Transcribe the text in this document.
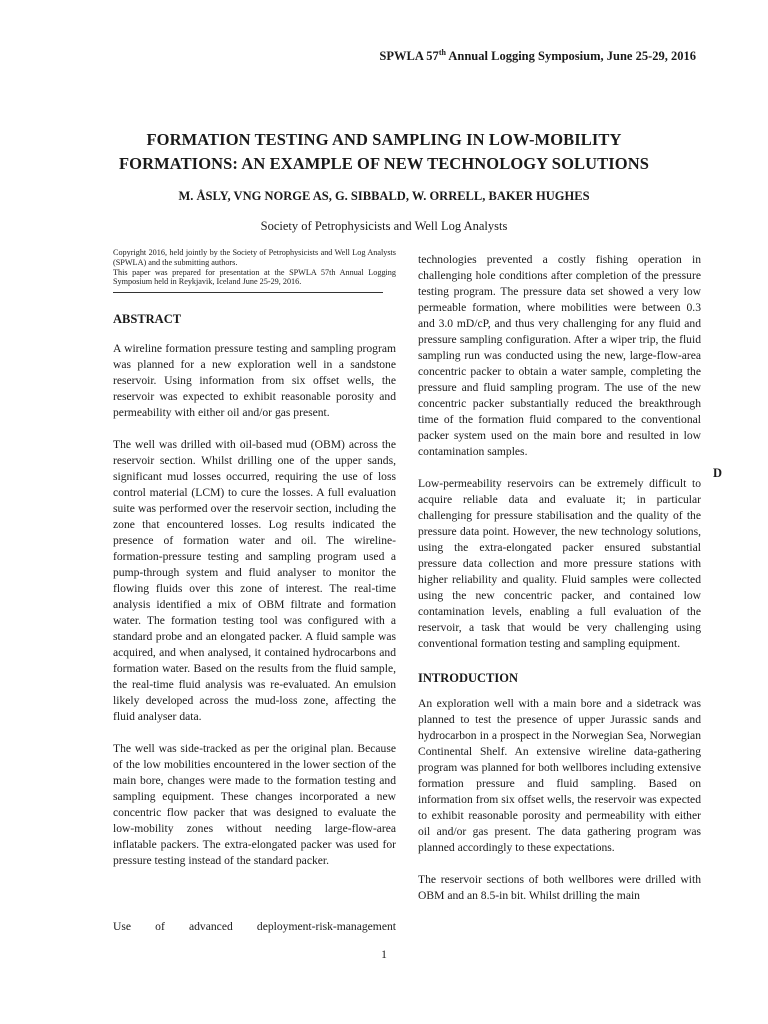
SPWLA 57th Annual Logging Symposium, June 25-29, 2016
FORMATION TESTING AND SAMPLING IN LOW-MOBILITY
FORMATIONS: AN EXAMPLE OF NEW TECHNOLOGY SOLUTIONS
M. ÅSLY, VNG NORGE AS, G. SIBBALD, W. ORRELL, BAKER HUGHES
Society of Petrophysicists and Well Log Analysts

Copyright 2016, held jointly by the Society of Petrophysicists and Well Log Analysts (SPWLA) and the submitting authors.
This paper was prepared for presentation at the SPWLA 57th Annual Logging Symposium held in Reykjavik, Iceland June 25-29, 2016.

ABSTRACT

A wireline formation pressure testing and sampling program was planned for a new exploration well in a sandstone reservoir. Using information from six offset wells, the reservoir was expected to exhibit reasonable porosity and permeability with either oil and/or gas present.

The well was drilled with oil-based mud (OBM) across the reservoir section. Whilst drilling one of the upper sands, significant mud losses occurred, requiring the use of loss control material (LCM) to cure the losses. A full evaluation suite was performed over the reservoir section, including the zone that encountered losses. Log results indicated the presence of formation water and oil. The wireline-formation-pressure testing and sampling program used a pump-through system and fluid analyser to monitor the flowing fluids over this zone of interest. The real-time analysis identified a mix of OBM filtrate and formation water. The formation testing tool was configured with a standard probe and an elongated packer. A fluid sample was acquired, and when analysed, it contained hydrocarbons and formation water. Based on the results from the fluid sample, the real-time fluid analysis was re-evaluated. An emulsion likely developed across the mud-loss zone, affecting the fluid analyser data.

The well was side-tracked as per the original plan. Because of the low mobilities encountered in the lower section of the main bore, changes were made to the formation testing and sampling equipment. These changes incorporated a new concentric flow packer that was designed to evaluate the low-mobility zones without needing large-flow-area inflatable packers. The extra-elongated packer was used for pressure testing instead of the standard packer.

Use of advanced deployment-risk-management

technologies prevented a costly fishing operation in challenging hole conditions after completion of the pressure testing program. The pressure data set showed a very low permeable formation, where mobilities were between 0.3 and 3.0 mD/cP, and thus very challenging for any fluid and pressure sampling configuration. After a wiper trip, the fluid sampling run was conducted using the new, large-flow-area concentric packer to obtain a water sample, completing the pressure and fluid sampling program. The use of the new concentric packer substantially reduced the breakthrough time of the formation fluid compared to the conventional packer system used on the main bore and resulted in low contamination samples.

Low-permeability reservoirs can be extremely difficult to acquire reliable data and evaluate it; in particular challenging for pressure stabilisation and the quality of the pressure data point. However, the new technology solutions, using the extra-elongated packer ensured substantial pressure data collection and more pressure stations with higher reliability and quality. Fluid samples were collected using the new concentric packer, and contained low contamination levels, enabling a full evaluation of the reservoir, a task that would be very challenging using conventional formation testing and sampling equipment.

INTRODUCTION

An exploration well with a main bore and a sidetrack was planned to test the presence of upper Jurassic sands and hydrocarbon in a prospect in the Norwegian Sea, Norwegian Continental Shelf. An extensive wireline data-gathering program was planned for both wellbores including extensive formation pressure and fluid sampling. Based on information from six offset wells, the reservoir was expected to exhibit reasonable porosity and permeability with either oil and/or gas present. The data gathering program was planned accordingly to these expectations.

The reservoir sections of both wellbores were drilled with OBM and an 8.5-in bit. Whilst drilling the main

D
1
